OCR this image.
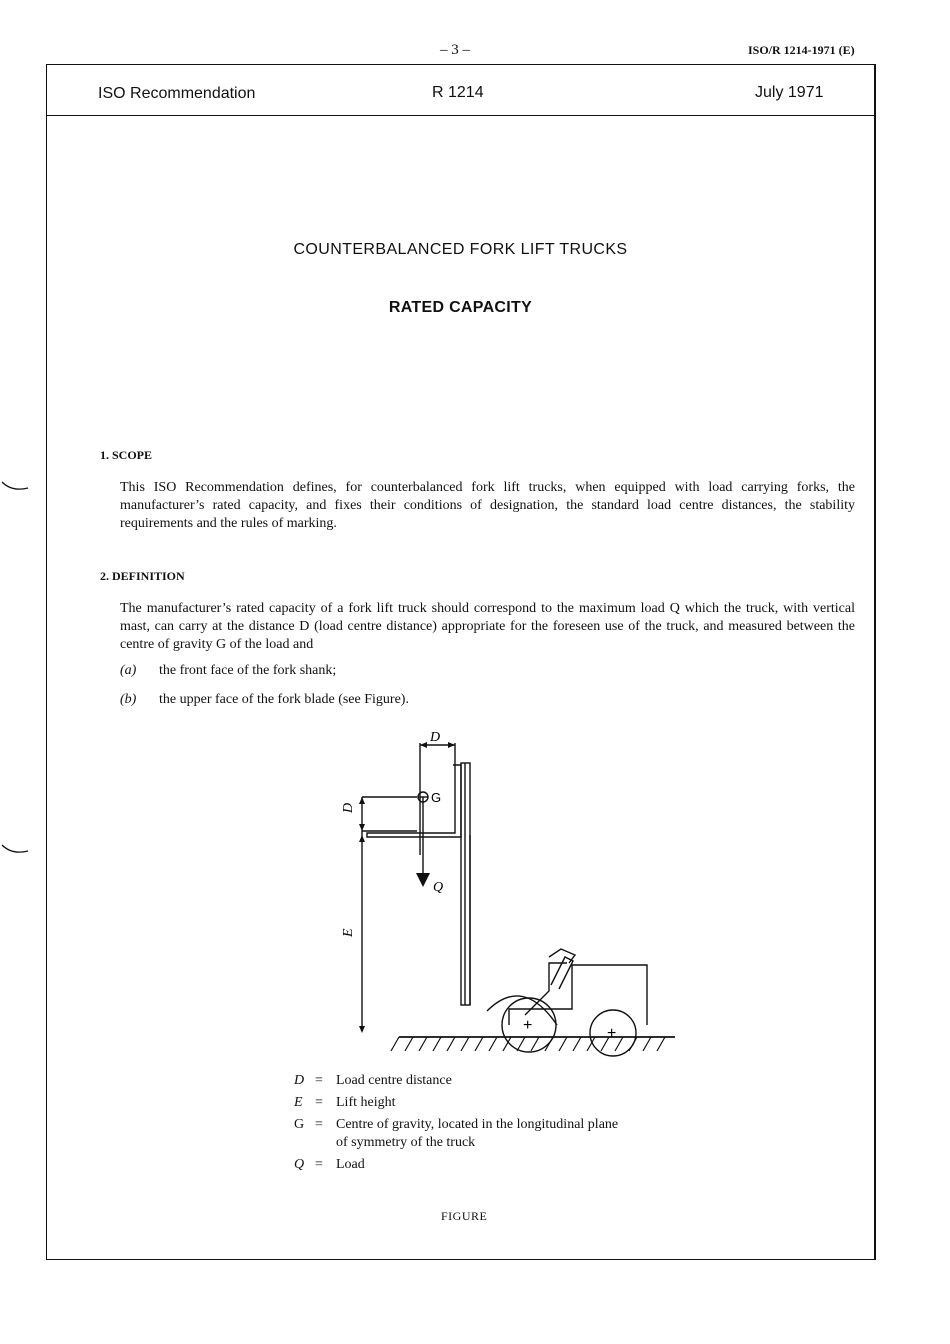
– 3 –	ISO/R 1214-1971 (E)
ISO Recommendation	R 1214	July 1971
COUNTERBALANCED FORK LIFT TRUCKS
RATED CAPACITY
1. SCOPE

This ISO Recommendation defines, for counterbalanced fork lift trucks, when equipped with load carrying forks, the manufacturer’s rated capacity, and fixes their conditions of designation, the standard load centre distances, the stability requirements and the rules of marking.

2. DEFINITION

The manufacturer’s rated capacity of a fork lift truck should correspond to the maximum load Q which the truck, with vertical mast, can carry at the distance D (load centre distance) appropriate for the foreseen use of the truck, and measured between the centre of gravity G of the load and

(a) the front face of the fork shank;
(b) the upper face of the fork blade (see Figure).
D
G
Q
D
E
+	+
D = Load centre distance
E = Lift height
G = Centre of gravity, located in the longitudinal plane
of symmetry of the truck
Q = Load
FIGURE
